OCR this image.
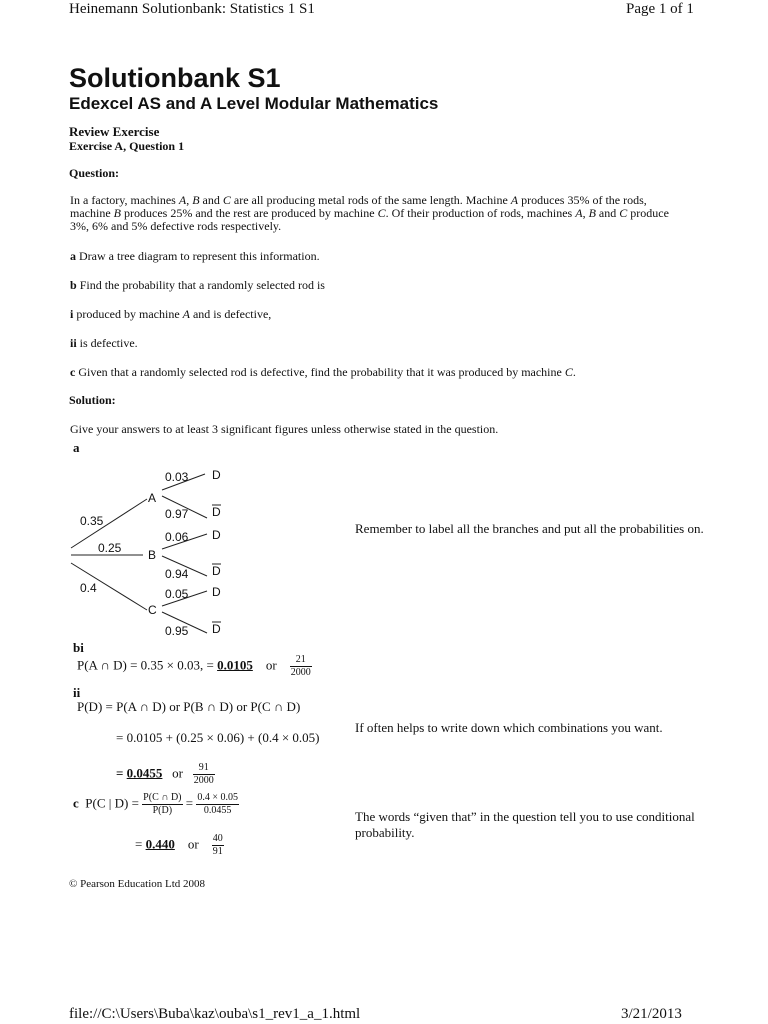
Heinemann Solutionbank: Statistics 1 S1	Page 1 of 1
Solutionbank S1
Edexcel AS and A Level Modular Mathematics
Review Exercise
Exercise A, Question 1
Question:
In a factory, machines A, B and C are all producing metal rods of the same length. Machine A produces 35% of the rods,
machine B produces 25% and the rest are produced by machine C. Of their production of rods, machines A, B and C produce
3%, 6% and 5% defective rods respectively.
a Draw a tree diagram to represent this information.
b Find the probability that a randomly selected rod is
i produced by machine A and is defective,
ii is defective.
c Given that a randomly selected rod is defective, find the probability that it was produced by machine C.
Solution:
Give your answers to at least 3 significant figures unless otherwise stated in the question.
a
0.35
0.25
0.4
A
B
C
0.03
0.97
0.06
0.94
0.05
0.95
D
D
D
D
D
D
Remember to label all the branches and put all the probabilities on.
If often helps to write down which combinations you want.
The words “given that” in the question tell you to use conditional probability.
bi
P(A ∩ D) = 0.35 × 0.03, = 0.0105 or $\frac{21}{2000}$
ii
P(D) = P(A ∩ D) or P(B ∩ D) or P(C ∩ D)
= 0.0105 + (0.25 × 0.06) + (0.4 × 0.05)
= 0.0455 or $\frac{91}{2000}$
c P(C | $D) = \frac{P(C \cap D)}{P(D)} = \frac{0.4 \times 0.05}{0.0455}$
= 0.440 or $\frac{40}{91}$
© Pearson Education Ltd 2008
file://C:\Users\Buba\kaz\ouba\s1_rev1_a_1.html	3/21/2013
